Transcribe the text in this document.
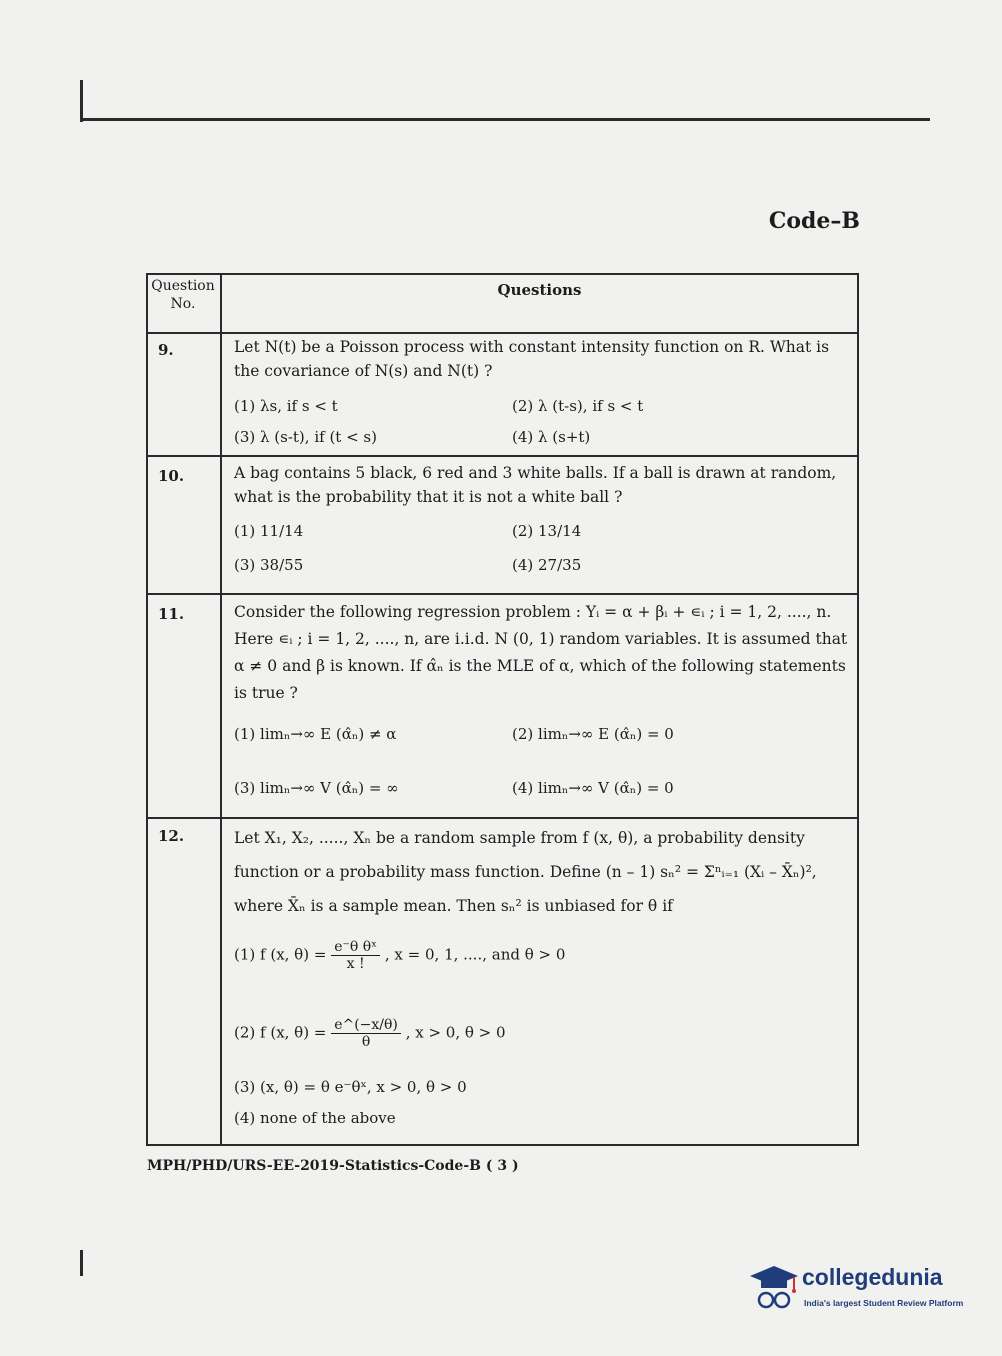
Code–B
Question No.
Questions
9.	Let N(t) be a Poisson process with constant intensity function on R. What is the covariance of N(s) and N(t) ?
(1) λs, if s < t	(2) λ (t-s), if s < t
(3) λ (s-t), if (t < s)	(4) λ (s+t)
10.	A bag contains 5 black, 6 red and 3 white balls. If a ball is drawn at random, what is the probability that it is not a white ball ?
(1) 11/14	(2) 13/14
(3) 38/55	(4) 27/35
11.	Consider the following regression problem : Yᵢ = α + βᵢ + ∊ᵢ ; i = 1, 2, ...., n. Here ∊ᵢ ; i = 1, 2, ...., n, are i.i.d. N (0, 1) random variables. It is assumed that α ≠ 0 and β is known. If α̂ₙ is the MLE of α, which of the following statements is true ?
(1) limₙ→∞ E (α̂ₙ) ≠ α	(2) limₙ→∞ E (α̂ₙ) = 0
(3) limₙ→∞ V (α̂ₙ) = ∞	(4) limₙ→∞ V (α̂ₙ) = 0
12.	Let X₁, X₂, ....., Xₙ be a random sample from f (x, θ), a probability density function or a probability mass function. Define (n – 1) sₙ² = Σⁿᵢ₌₁ (Xᵢ – X̄ₙ)², where X̄ₙ is a sample mean. Then sₙ² is unbiased for θ if
(1) f (x, $\theta) = \frac{\text{e⁻θ θˣ}}{x !}$ , x = 0, 1, ...., and θ > 0
(2) f (x, $\theta) = \frac{e\^{}(-x/\theta)}{\theta}$ , x > 0, θ > 0
(3) (x, θ) = θ e⁻θˣ, x > 0, θ > 0
(4) none of the above
MPH/PHD/URS-EE-2019-Statistics-Code-B ( 3 )
collegedunia
India's largest Student Review Platform
